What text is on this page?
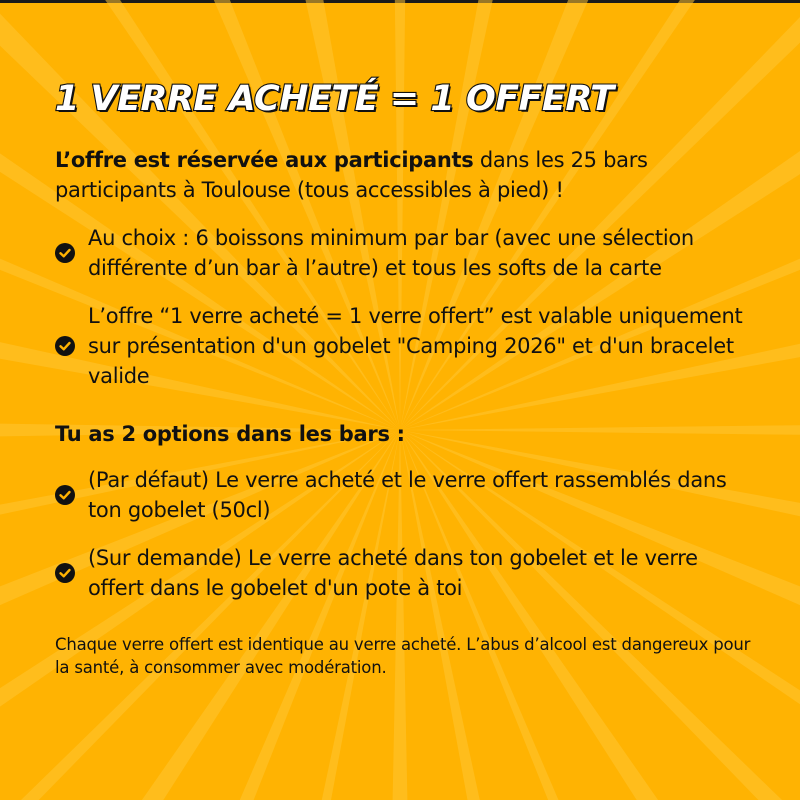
1 VERRE ACHETÉ = 1 OFFERT

L’offre est réservée aux participants dans les 25 bars participants à Toulouse (tous accessibles à pied) !

Au choix : 6 boissons minimum par bar (avec une sélection différente d’un bar à l’autre) et tous les softs de la carte
L’offre “1 verre acheté = 1 verre offert” est valable uniquement sur présentation d'un gobelet "Camping 2026" et d'un bracelet valide
Tu as 2 options dans les bars :
(Par défaut) Le verre acheté et le verre offert rassemblés dans ton gobelet (50cl)
(Sur demande) Le verre acheté dans ton gobelet et le verre offert dans le gobelet d'un pote à toi

Chaque verre offert est identique au verre acheté. L’abus d’alcool est dangereux pour la santé, à consommer avec modération.
